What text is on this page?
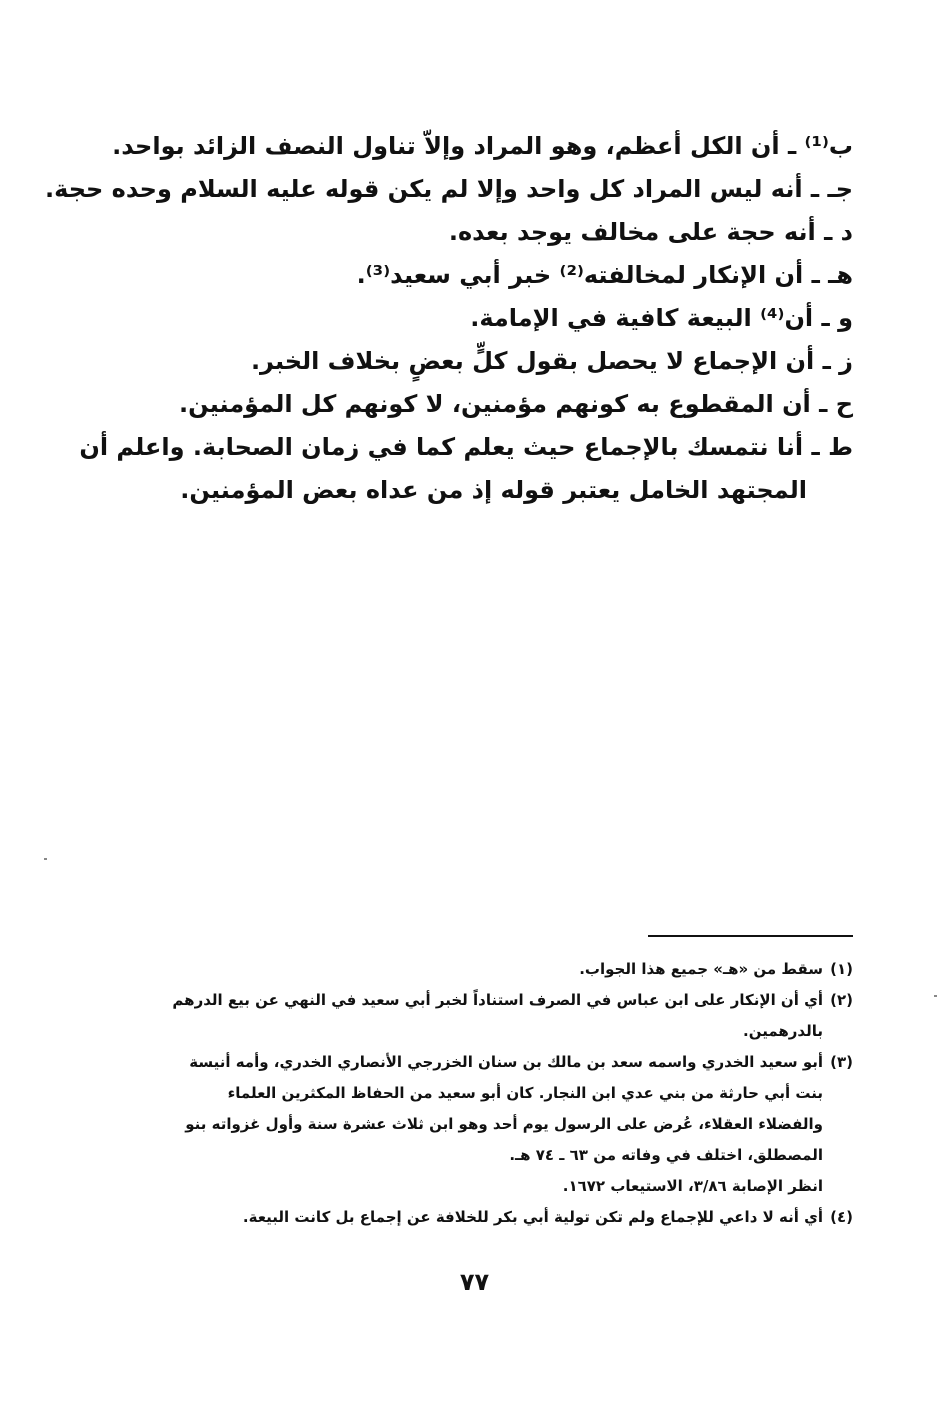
ب⁽¹⁾ ـ أن الكل أعظم، وهو المراد وإلاّ تناول النصف الزائد بواحد.
جـ ـ أنه ليس المراد كل واحد وإلا لم يكن قوله عليه السلام وحده حجة.
د ـ أنه حجة على مخالف يوجد بعده.
هـ ـ أن الإنكار لمخالفته⁽²⁾ خبر أبي سعيد⁽³⁾.
و ـ أن⁽⁴⁾ البيعة كافية في الإمامة.
ز ـ أن الإجماع لا يحصل بقول كلٍّ بعضٍ بخلاف الخبر.
ح ـ أن المقطوع به كونهم مؤمنين، لا كونهم كل المؤمنين.
ط ـ أنا نتمسك بالإجماع حيث يعلم كما في زمان الصحابة. واعلم أن
المجتهد الخامل يعتبر قوله إذ من عداه بعض المؤمنين.
(١)
سقط من «هـ» جميع هذا الجواب.
(٢)
أي أن الإنكار على ابن عباس في الصرف استناداً لخبر أبي سعيد في النهي عن بيع الدرهم
بالدرهمين.
(٣)
أبو سعيد الخدري واسمه سعد بن مالك بن سنان الخزرجي الأنصاري الخدري، وأمه أنيسة
بنت أبي حارثة من بني عدي ابن النجار. كان أبو سعيد من الحفاظ المكثرين العلماء
والفضلاء العقلاء، عُرض على الرسول يوم أحد وهو ابن ثلاث عشرة سنة وأول غزواته بنو
المصطلق، اختلف في وفاته من ٦٣ ـ ٧٤ هـ.
انظر الإصابة ٣/٨٦، الاستيعاب ١٦٧٢.
(٤)
أي أنه لا داعي للإجماع ولم تكن تولية أبي بكر للخلافة عن إجماع بل كانت البيعة.
٧٧
